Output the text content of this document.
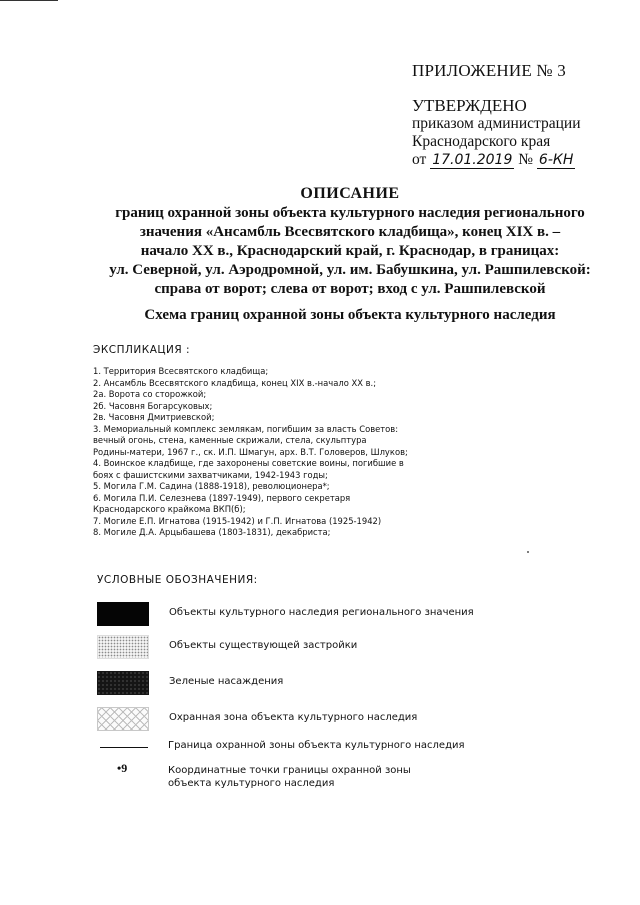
ПРИЛОЖЕНИЕ № 3
УТВЕРЖДЕНО
приказом администрации
Краснодарского края
от 17.01.2019 № 6-КН
ОПИСАНИЕ
границ охранной зоны объекта культурного наследия регионального
значения «Ансамбль Всесвятского кладбища», конец XIX в. –
начало XX в., Краснодарский край, г. Краснодар, в границах:
ул. Северной, ул. Аэродромной, ул. им. Бабушкина, ул. Рашпилевской:
справа от ворот; слева от ворот; вход с ул. Рашпилевской
Схема границ охранной зоны объекта культурного наследия
ЭКСПЛИКАЦИЯ :
1. Территория Всесвятского кладбища;
2. Ансамбль Всесвятского кладбища, конец XIX в.-начало XX в.;
2а. Ворота со сторожкой;
2б. Часовня Богарсуковых;
2в. Часовня Дмитриевской;
3. Мемориальный комплекс землякам, погибшим за власть Советов:
вечный огонь, стена, каменные скрижали, стела, скульптура
Родины-матери, 1967 г., ск. И.П. Шмагун, арх. В.Т. Головеров, Шлуков;
4. Воинское кладбище, где захоронены советские воины, погибшие в
боях с фашистскими захватчиками, 1942-1943 годы;
5. Могила Г.М. Садина (1888-1918), революционера*;
6. Могила П.И. Селезнева (1897-1949), первого секретаря
Краснодарского крайкома ВКП(б);
7. Могиле Е.П. Игнатова (1915-1942) и Г.П. Игнатова (1925-1942)
8. Могиле Д.А. Арцыбашева (1803-1831), декабриста;
УСЛОВНЫЕ ОБОЗНАЧЕНИЯ:
Объекты культурного наследия регионального значения
Объекты существующей застройки
Зеленые насаждения
Охранная зона объекта культурного наследия
Граница охранной зоны объекта культурного наследия
•9	Координатные точки границы охранной зоны
объекта культурного наследия
